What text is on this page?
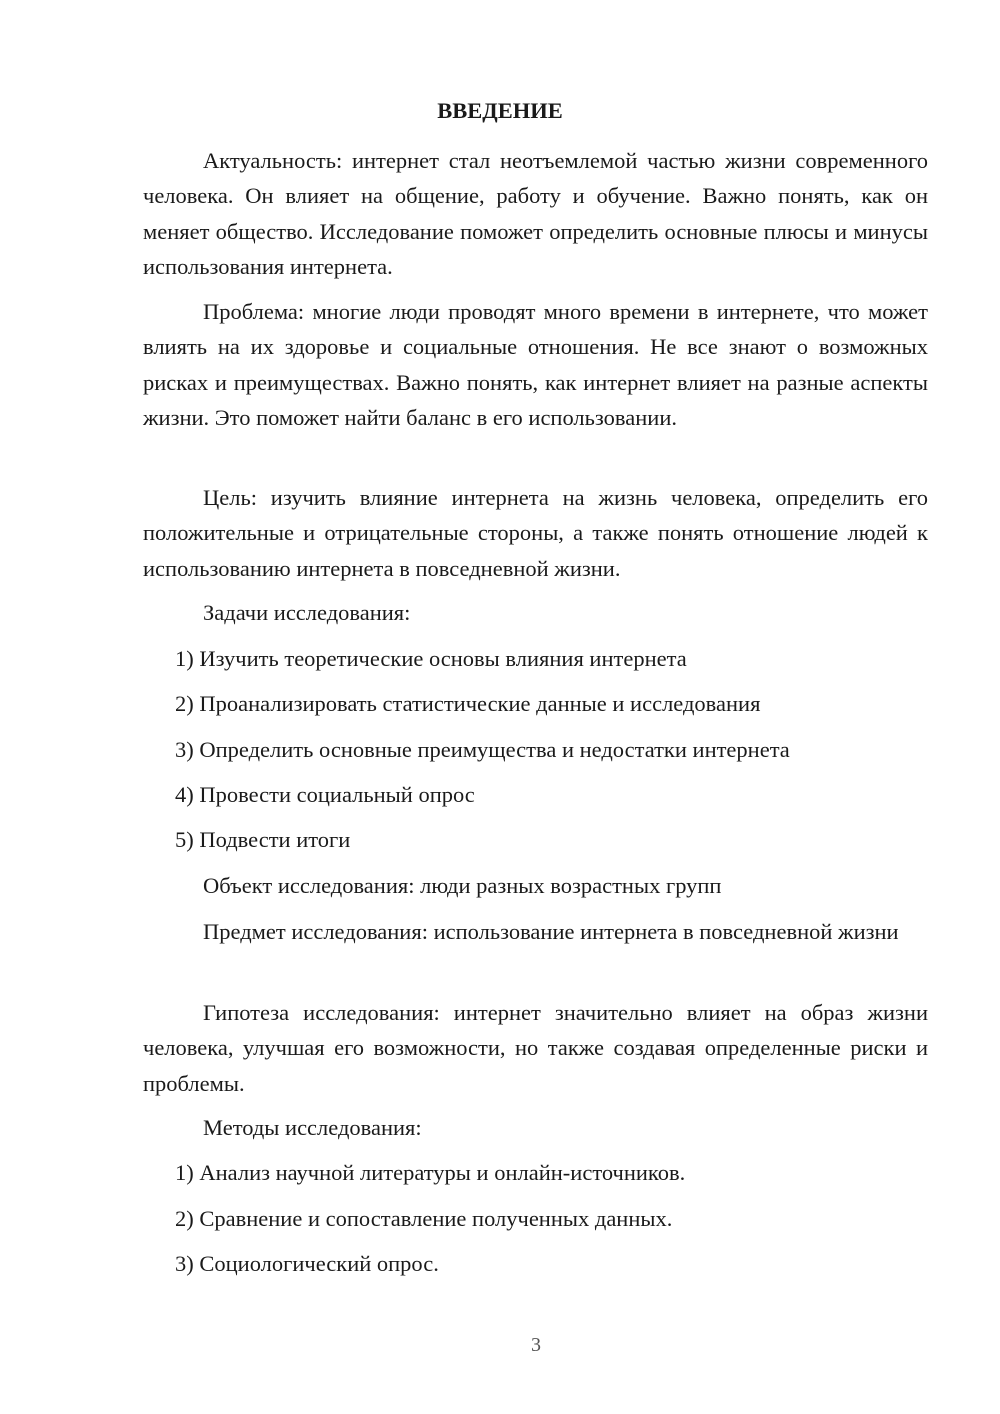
ВВЕДЕНИЕ

Актуальность: интернет стал неотъемлемой частью жизни современного человека. Он влияет на общение, работу и обучение. Важно понять, как он меняет общество. Исследование поможет определить основные плюсы и минусы использования интернета.

Проблема: многие люди проводят много времени в интернете, что может влиять на их здоровье и социальные отношения. Не все знают о возможных рисках и преимуществах. Важно понять, как интернет влияет на разные аспекты жизни. Это поможет найти баланс в его использовании.

Цель: изучить влияние интернета на жизнь человека, определить его положительные и отрицательные стороны, а также понять отношение людей к использованию интернета в повседневной жизни.

Задачи исследования:

1) Изучить теоретические основы влияния интернета

2) Проанализировать статистические данные и исследования

3) Определить основные преимущества и недостатки интернета

4) Провести социальный опрос

5) Подвести итоги

Объект исследования: люди разных возрастных групп

Предмет исследования: использование интернета в повседневной жизни

Гипотеза исследования: интернет значительно влияет на образ жизни человека, улучшая его возможности, но также создавая определенные риски и проблемы.

Методы исследования:

1) Анализ научной литературы и онлайн-источников.

2) Сравнение и сопоставление полученных данных.

3) Социологический опрос.

3
